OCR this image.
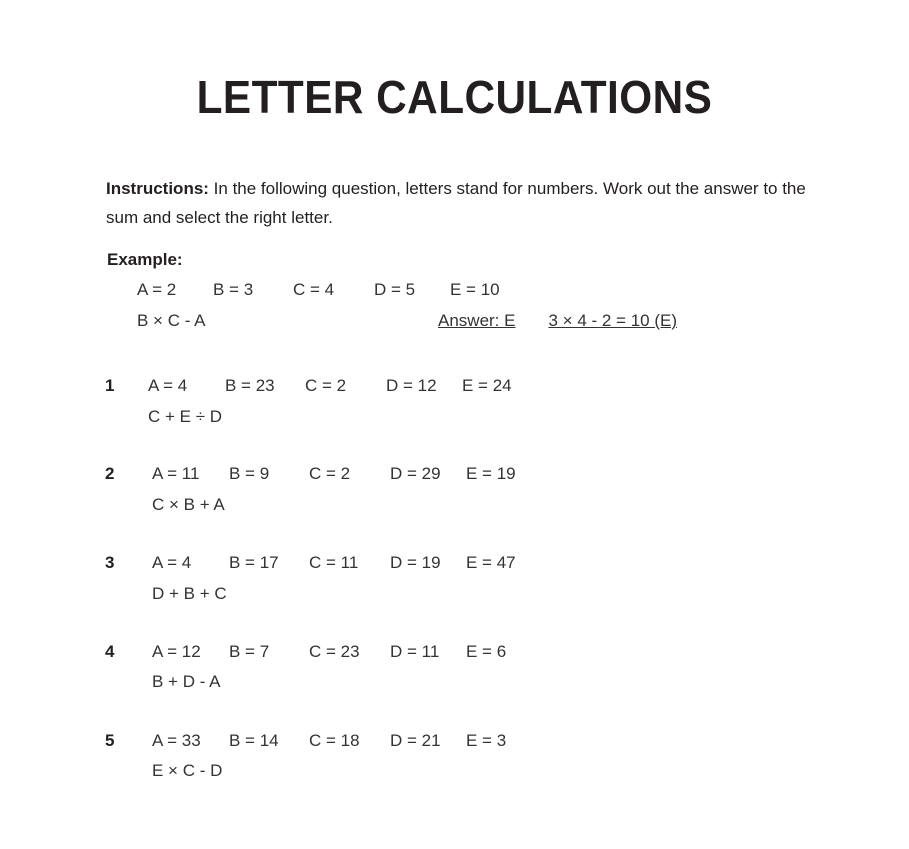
LETTER CALCULATIONS
Instructions: In the following question, letters stand for numbers. Work out the answer to the sum and select the right letter.
Example:
A = 2 B = 3 C = 4 D = 5 E = 10
B × C - A	Answer: E 3 × 4 - 2 = 10 (E)
1 A = 4 B = 23 C = 2 D = 12 E = 24
C + E ÷ D
2 A = 11 B = 9 C = 2 D = 29 E = 19
C × B + A
3 A = 4 B = 17 C = 11 D = 19 E = 47
D + B + C
4 A = 12 B = 7 C = 23 D = 11 E = 6
B + D - A
5 A = 33 B = 14 C = 18 D = 21 E = 3
E × C - D
